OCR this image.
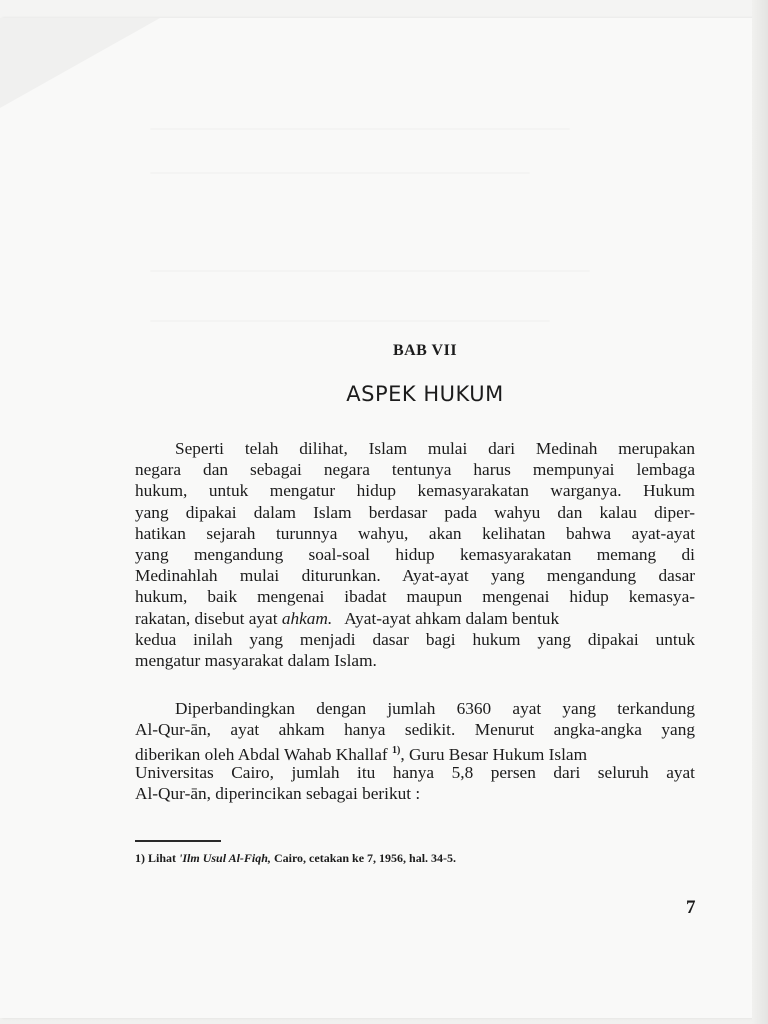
BAB VII
ASPEK HUKUM
Seperti telah dilihat, Islam mulai dari Medinah merupakan
negara dan sebagai negara tentunya harus mempunyai lembaga
hukum, untuk mengatur hidup kemasyarakatan warganya. Hukum
yang dipakai dalam Islam berdasar pada wahyu dan kalau diper-
hatikan sejarah turunnya wahyu, akan kelihatan bahwa ayat-ayat
yang mengandung soal-soal hidup kemasyarakatan memang di
Medinahlah mulai diturunkan. Ayat-ayat yang mengandung dasar
hukum, baik mengenai ibadat maupun mengenai hidup kemasya-
rakatan, disebut ayat ahkam. Ayat-ayat ahkam dalam bentuk
kedua inilah yang menjadi dasar bagi hukum yang dipakai untuk
mengatur masyarakat dalam Islam.
Diperbandingkan dengan jumlah 6360 ayat yang terkandung
Al-Qur-ān, ayat ahkam hanya sedikit. Menurut angka-angka yang
diberikan oleh Abdal Wahab Khallaf $^{1)}$, Guru Besar Hukum Islam
Universitas Cairo, jumlah itu hanya 5,8 persen dari seluruh ayat
Al-Qur-ān, diperincikan sebagai berikut :
1) Lihat 'Ilm Usul Al-Fiqh, Cairo, cetakan ke 7, 1956, hal. 34-5.
7
